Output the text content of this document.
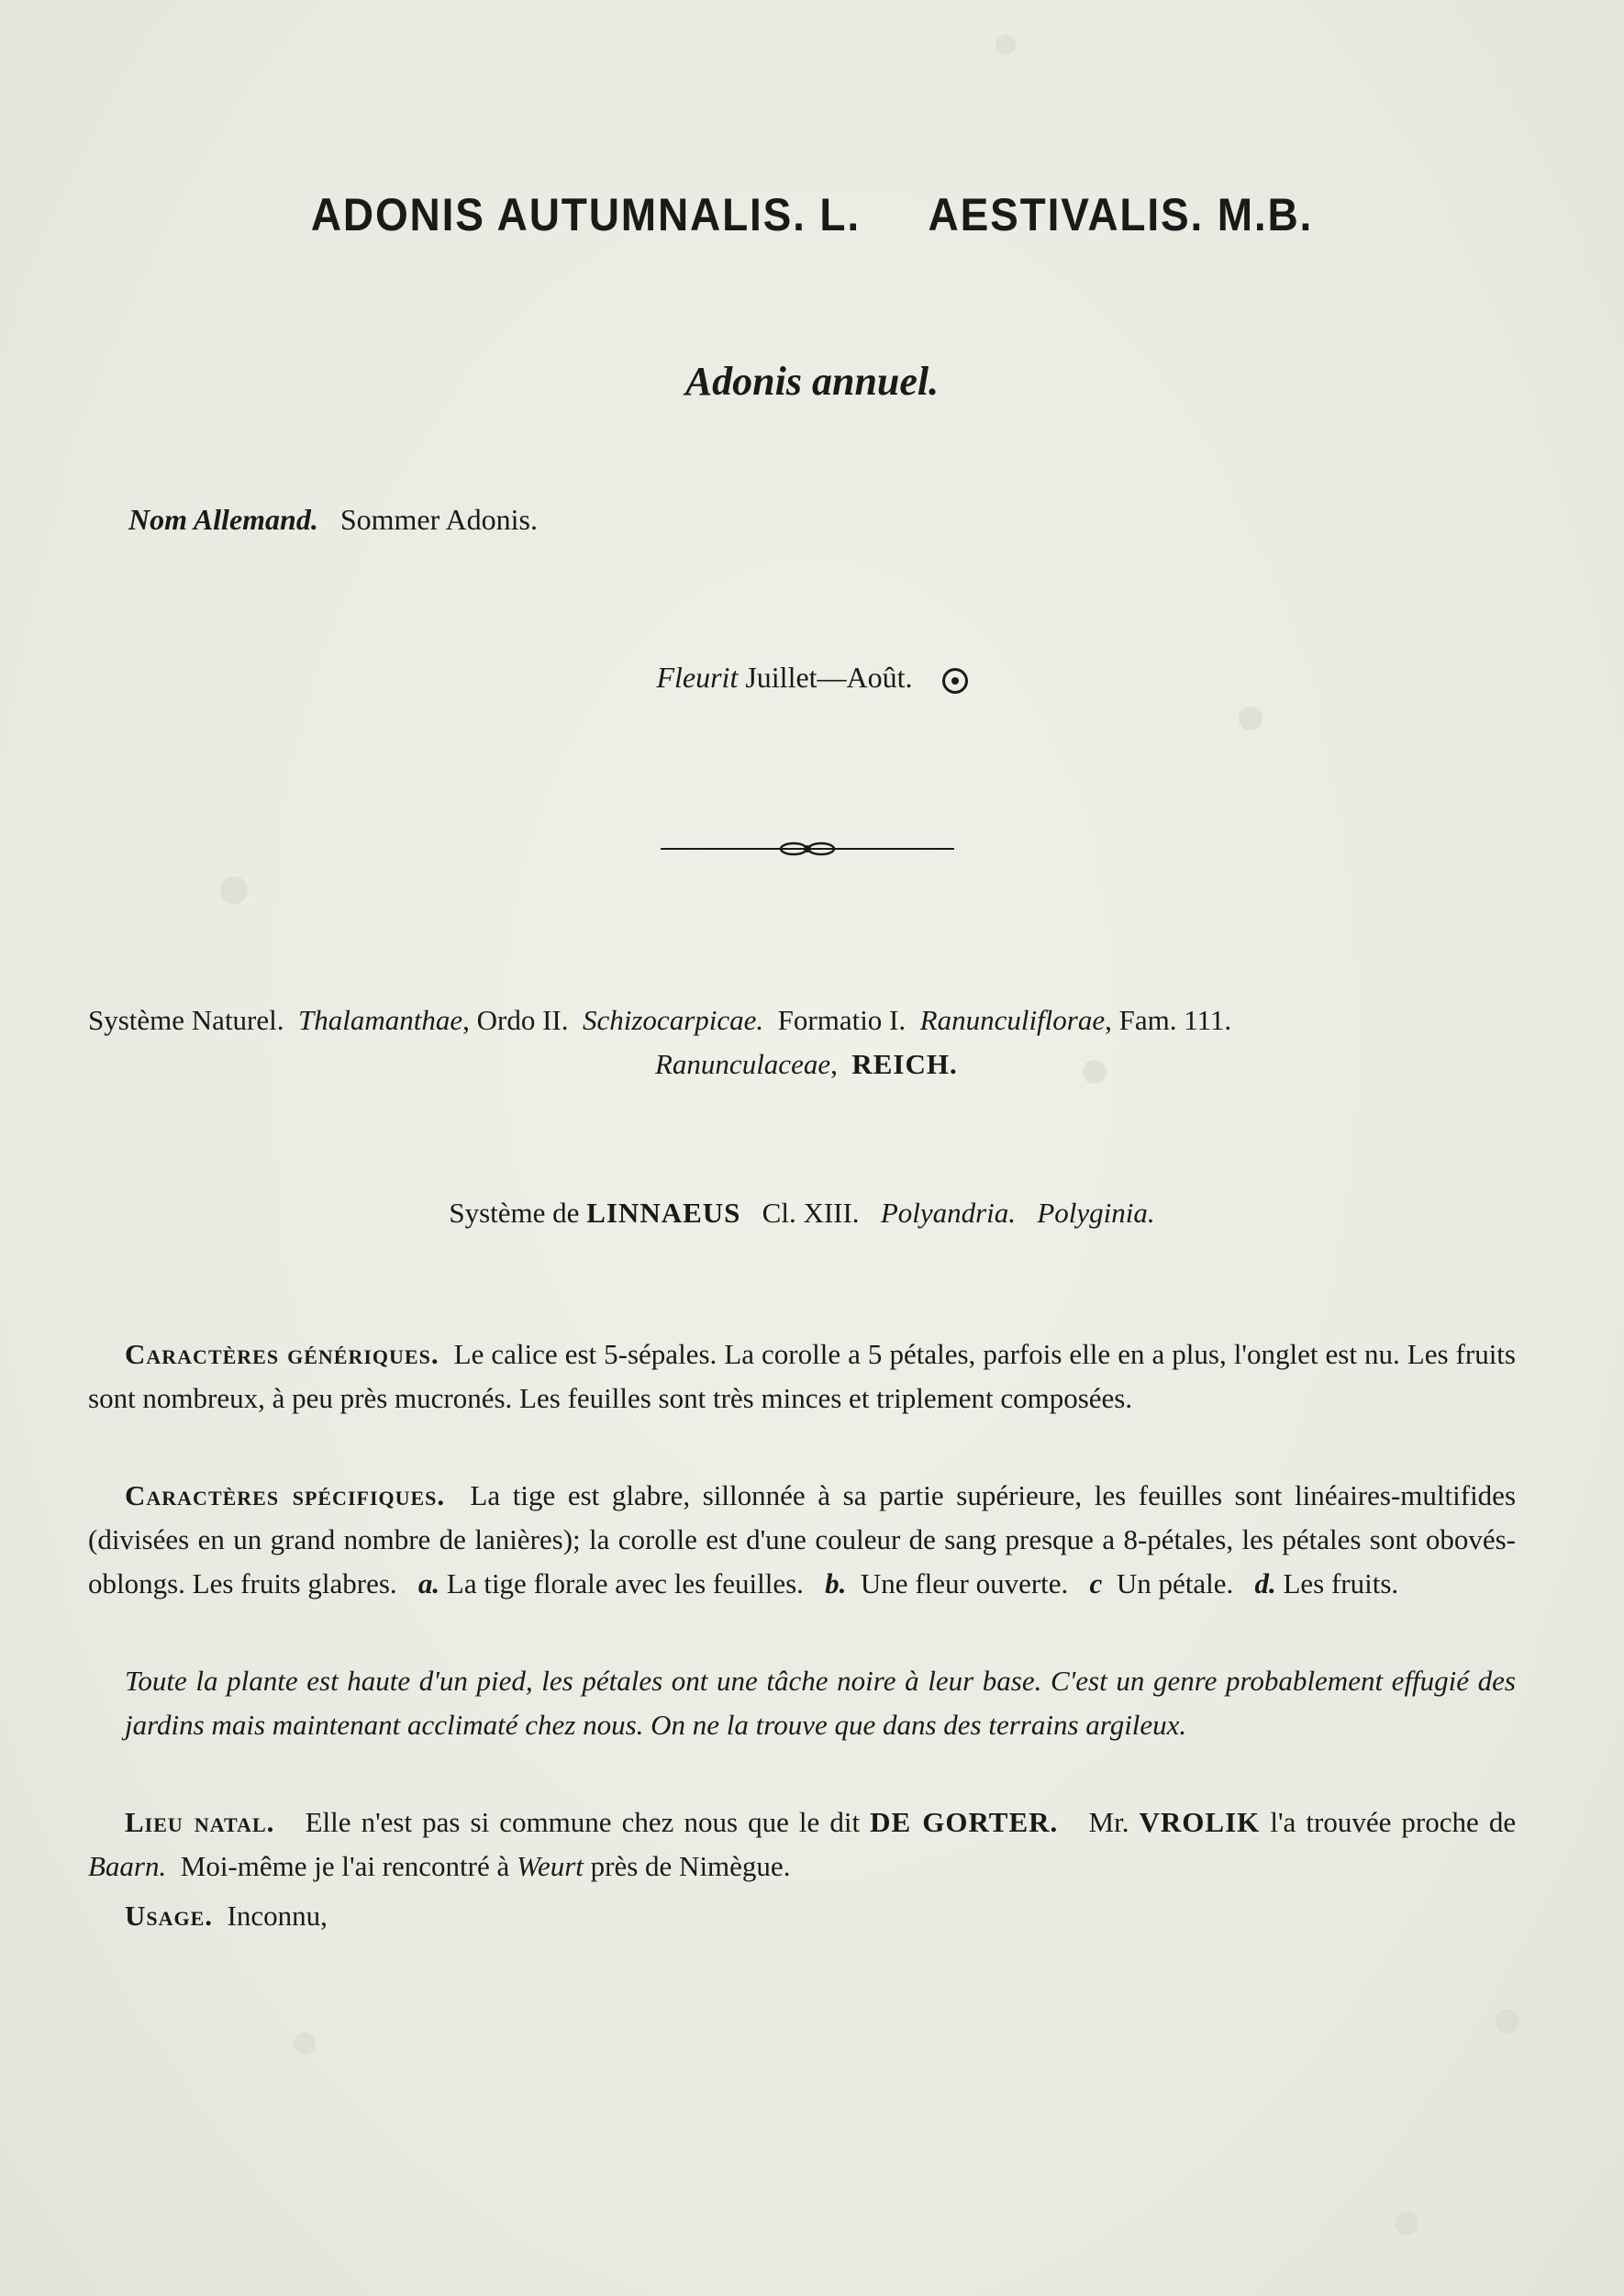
ADONIS AUTUMNALIS. L. AESTIVALIS. M.B.
Adonis annuel.
Nom Allemand. Sommer Adonis.
Fleurit Juillet—Août.
Système Naturel. Thalamanthae, Ordo II. Schizocarpicae. Formatio I. Ranunculiflorae, Fam. 111.
Ranunculaceae,  REICH.
Système de LINNAEUS Cl. XIII. Polyandria. Polyginia.
Caractères génériques. Le calice est 5-sépales. La corolle a 5 pétales, parfois elle en a plus, l'onglet est nu. Les fruits sont nombreux, à peu près mucronés. Les feuilles sont très minces et triplement composées.
Caractères spécifiques. La tige est glabre, sillonnée à sa partie supérieure, les feuilles sont linéaires-multifides (divisées en un grand nombre de lanières); la corolle est d'une couleur de sang presque a 8-pétales, les pétales sont obovés-oblongs. Les fruits glabres. a. La tige florale avec les feuilles. b. Une fleur ouverte. c Un pétale. d. Les fruits.
Toute la plante est haute d'un pied, les pétales ont une tâche noire à leur base. C'est un genre probablement effugié des jardins mais maintenant acclimaté chez nous. On ne la trouve que dans des terrains argileux.
Lieu natal. Elle n'est pas si commune chez nous que le dit DE GORTER. Mr. VROLIK l'a trouvée proche de Baarn. Moi-même je l'ai rencontré à Weurt près de Nimègue.
Usage. Inconnu,
